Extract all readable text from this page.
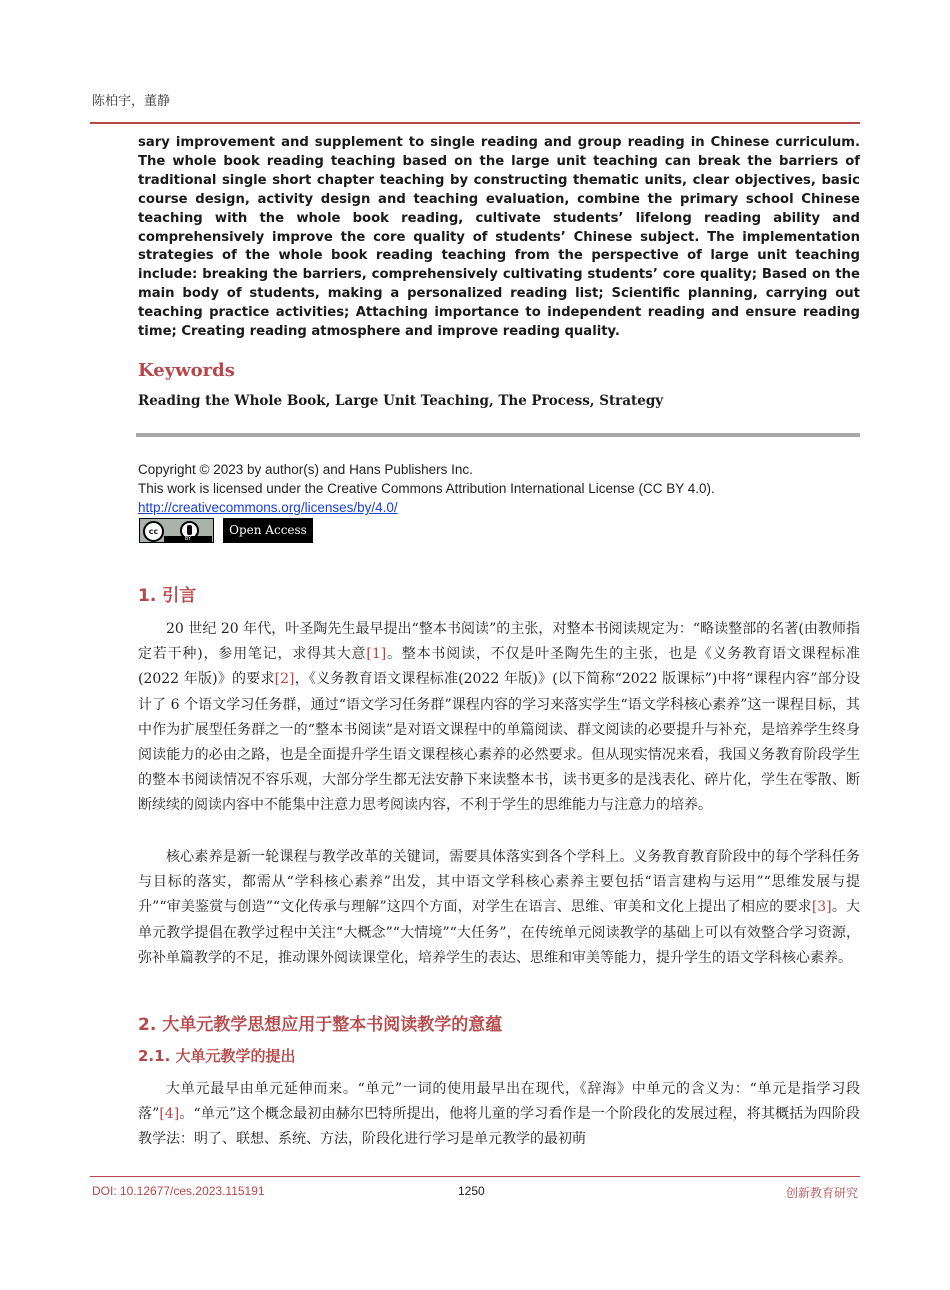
陈柏宇，董静
sary improvement and supplement to single reading and group reading in Chinese curriculum. The whole book reading teaching based on the large unit teaching can break the barriers of traditional single short chapter teaching by constructing thematic units, clear objectives, basic course design, activity design and teaching evaluation, combine the primary school Chinese teaching with the whole book reading, cultivate students’ lifelong reading ability and comprehensively improve the core quality of students’ Chinese subject. The implementation strategies of the whole book reading teaching from the perspective of large unit teaching include: breaking the barriers, comprehensively cultivating students’ core quality; Based on the main body of students, making a personalized reading list; Scientific planning, carrying out teaching practice activities; Attaching importance to independent reading and ensure reading time; Creating reading atmosphere and improve reading quality.
Keywords
Reading the Whole Book, Large Unit Teaching, The Process, Strategy
Copyright © 2023 by author(s) and Hans Publishers Inc.
This work is licensed under the Creative Commons Attribution International License (CC BY 4.0).
http://creativecommons.org/licenses/by/4.0/
cc
BY
Open Access
1. 引言
20 世纪 20 年代，叶圣陶先生最早提出“整本书阅读”的主张，对整本书阅读规定为：“略读整部的名著(由教师指定若干种)，参用笔记，求得其大意[1]。整本书阅读，不仅是叶圣陶先生的主张，也是《义务教育语文课程标准(2022 年版)》的要求[2]，《义务教育语文课程标准(2022 年版)》(以下简称“2022 版课标”)中将“课程内容”部分设计了 6 个语文学习任务群，通过“语文学习任务群”课程内容的学习来落实学生“语文学科核心素养”这一课程目标，其中作为扩展型任务群之一的“整本书阅读”是对语文课程中的单篇阅读、群文阅读的必要提升与补充，是培养学生终身阅读能力的必由之路，也是全面提升学生语文课程核心素养的必然要求。但从现实情况来看，我国义务教育阶段学生的整本书阅读情况不容乐观，大部分学生都无法安静下来读整本书，读书更多的是浅表化、碎片化，学生在零散、断断续续的阅读内容中不能集中注意力思考阅读内容，不利于学生的思维能力与注意力的培养。
核心素养是新一轮课程与教学改革的关键词，需要具体落实到各个学科上。义务教育教育阶段中的每个学科任务与目标的落实，都需从“学科核心素养”出发，其中语文学科核心素养主要包括“语言建构与运用”“思维发展与提升”“审美鉴赏与创造”“文化传承与理解”这四个方面，对学生在语言、思维、审美和文化上提出了相应的要求[3]。大单元教学提倡在教学过程中关注“大概念”“大情境”“大任务”，在传统单元阅读教学的基础上可以有效整合学习资源，弥补单篇教学的不足，推动课外阅读课堂化，培养学生的表达、思维和审美等能力，提升学生的语文学科核心素养。
2. 大单元教学思想应用于整本书阅读教学的意蕴
2.1. 大单元教学的提出
大单元最早由单元延伸而来。“单元”一词的使用最早出在现代，《辞海》中单元的含义为：“单元是指学习段落”[4]。“单元”这个概念最初由赫尔巴特所提出，他将儿童的学习看作是一个阶段化的发展过程，将其概括为四阶段教学法：明了、联想、系统、方法，阶段化进行学习是单元教学的最初萌
DOI: 10.12677/ces.2023.115191	1250	创新教育研究
